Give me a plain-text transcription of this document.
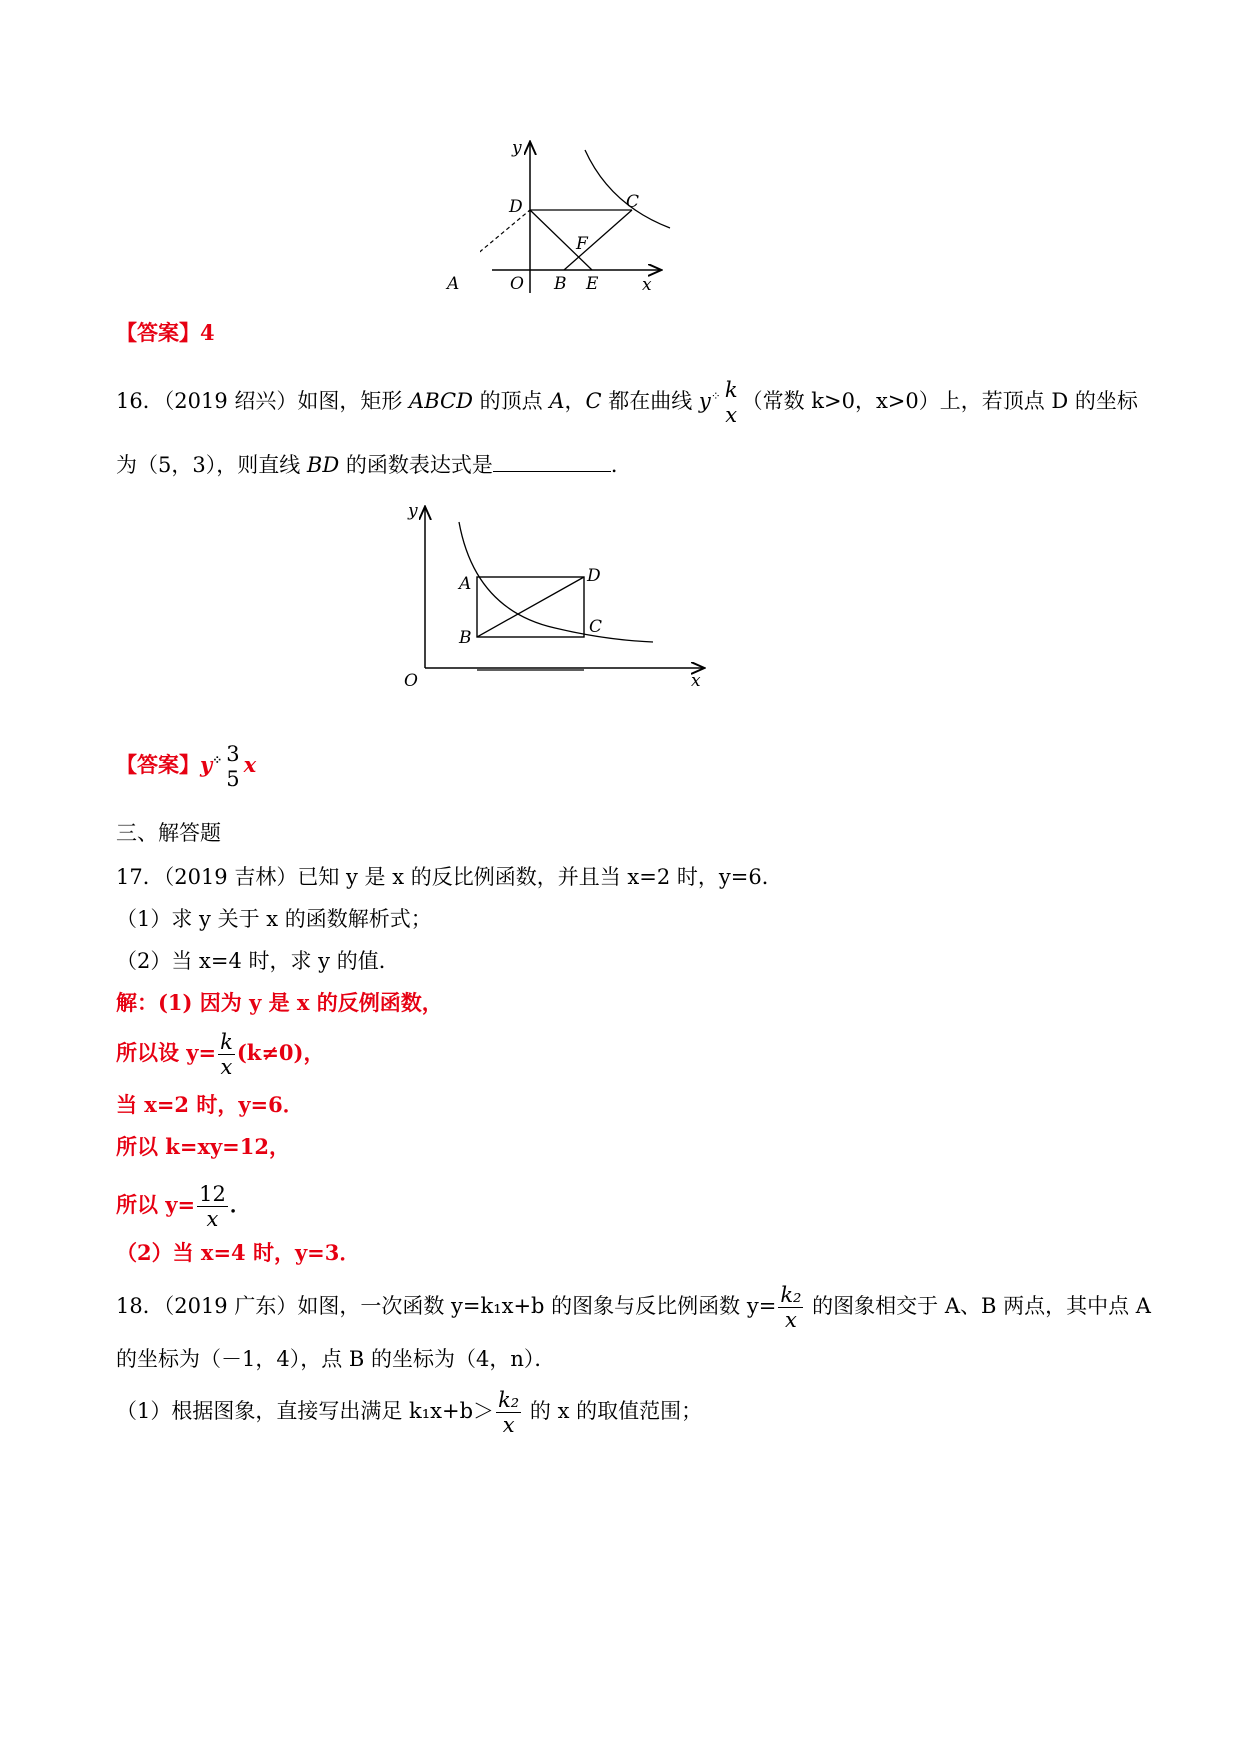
y
x
O
D	C
F
B E
A
【答案】4
16．（2019 绍兴）如图，矩形 ABCD 的顶点 A，C 都在曲线 $y^⁘ \frac{k}{x}$ （常数 k>0，x>0）上，若顶点 D 的坐标
为（5，3），则直线 BD 的函数表达式是	．
y
x
O
A
B
C
D
【答案】$y^⁘ \frac{3}{5}$ x
三、解答题
17．（2019 吉林）已知 y 是 x 的反比例函数，并且当 x=2 时，y=6．
（1）求 y 关于 x 的函数解析式；
（2）当 x=4 时，求 y 的值．
解：(1) 因为 y 是 x 的反例函数，
所以设 $y= \frac{k}{x} (k\ne 0)$，
当 x=2 时，y=6．
所以 k=xy=12，
所以 $y= \frac{12}{x}$ ．
（2）当 x=4 时，y=3．
18．（2019 广东）如图，一次函数 y=k₁x+b 的图象与反比例函数 $y= \frac{\text{k₂}}{x}$ 的图象相交于 A、B 两点，其中点 A
的坐标为（－1，4），点 B 的坐标为（4，n）．
（1）根据图象，直接写出满足 $k_1x+b> \frac{\text{k₂}}{x}$ 的 x 的取值范围；
